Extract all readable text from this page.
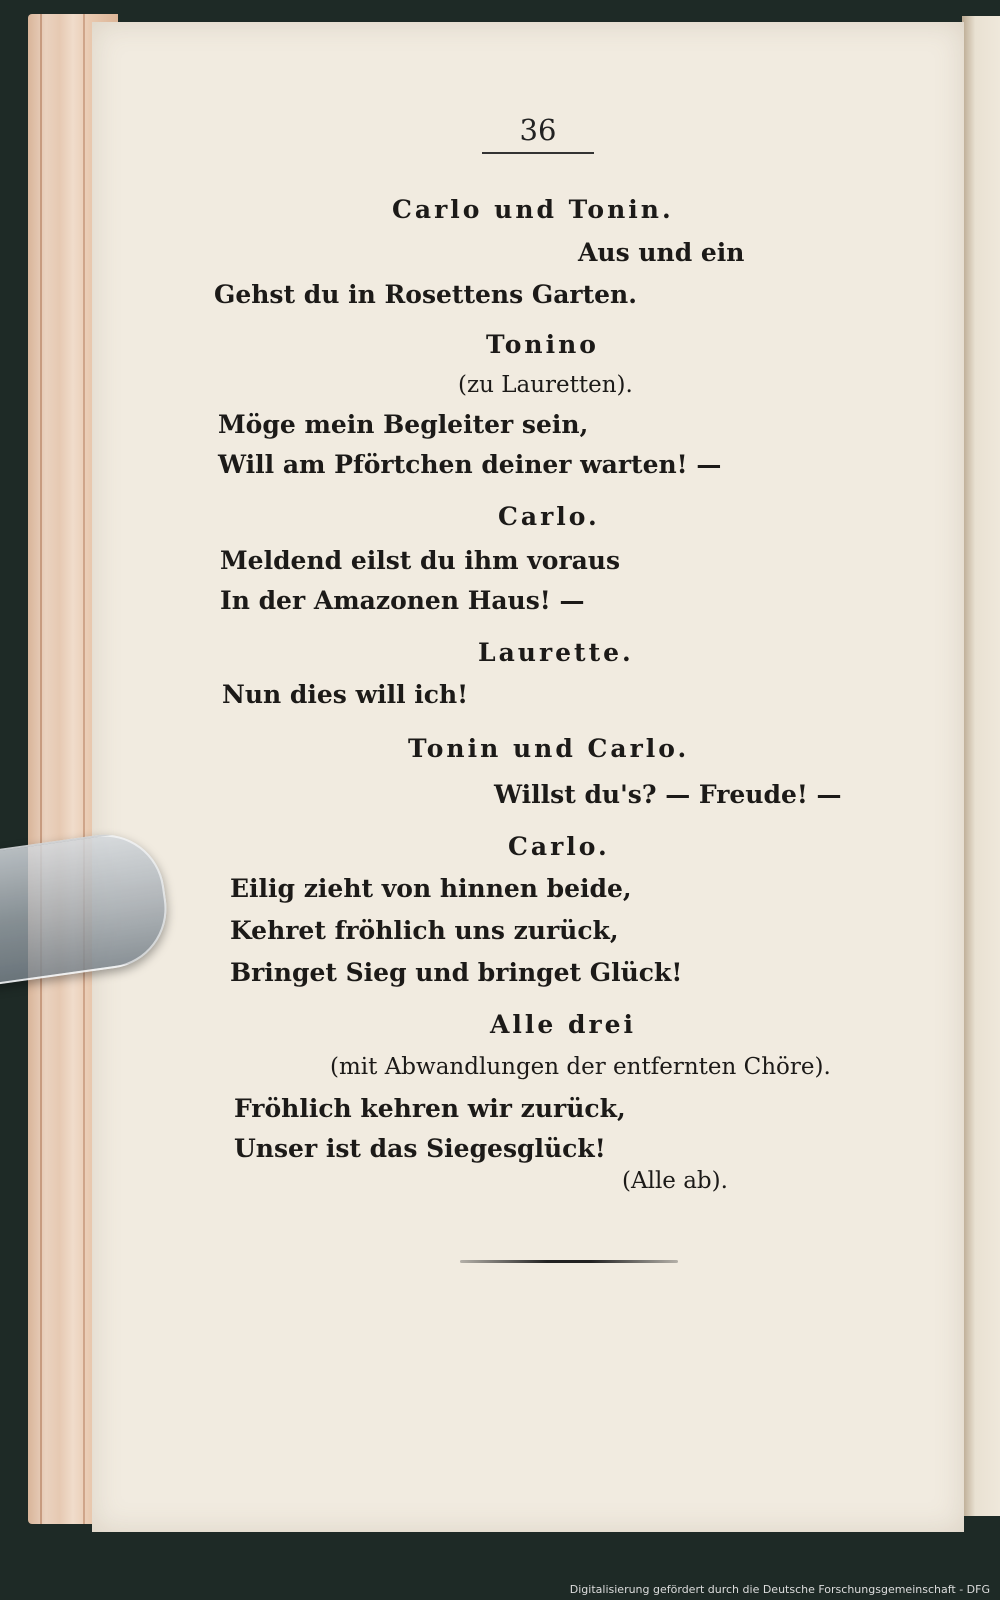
36
Carlo und Tonin.
Aus und ein
Gehst du in Rosettens Garten.
Tonino
(zu Lauretten).
Möge mein Begleiter sein,
Will am Pförtchen deiner warten! —
Carlo.
Meldend eilst du ihm voraus
In der Amazonen Haus! —
Laurette.
Nun dies will ich!
Tonin und Carlo.
Willst du's? — Freude! —
Carlo.
Eilig zieht von hinnen beide,
Kehret fröhlich uns zurück,
Bringet Sieg und bringet Glück!
Alle drei
(mit Abwandlungen der entfernten Chöre).
Fröhlich kehren wir zurück,
Unser ist das Siegesglück!
(Alle ab).
Digitalisierung gefördert durch die Deutsche Forschungsgemeinschaft - DFG
